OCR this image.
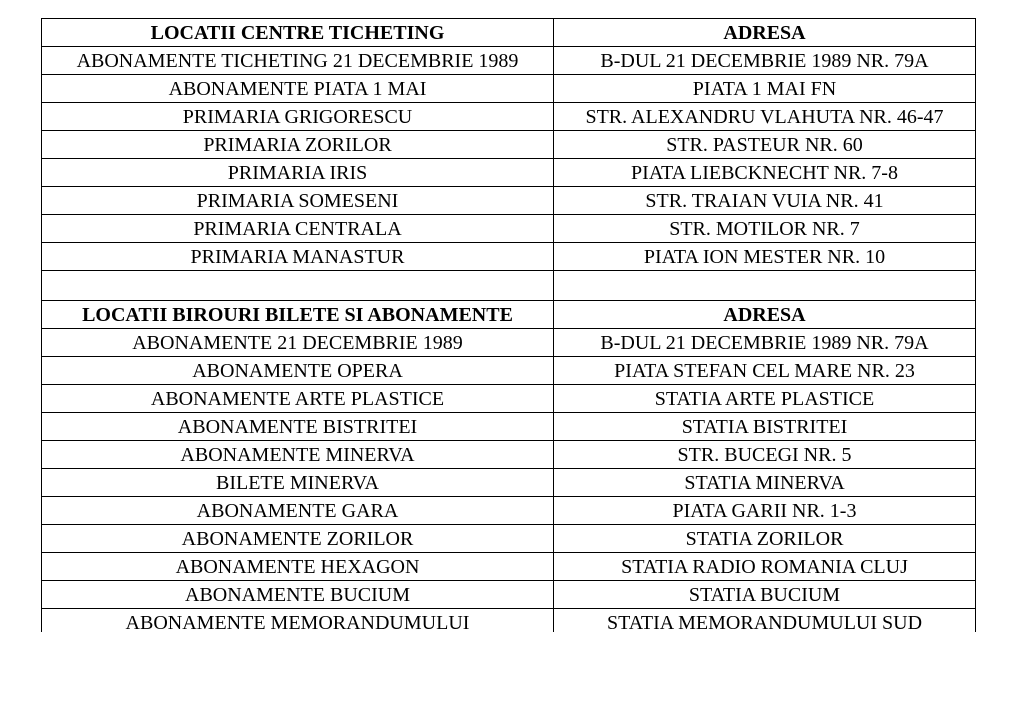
LOCATII CENTRE TICHETING	ADRESA
ABONAMENTE TICHETING 21 DECEMBRIE 1989	B-DUL 21 DECEMBRIE 1989 NR. 79A
ABONAMENTE PIATA 1 MAI	PIATA 1 MAI FN
PRIMARIA GRIGORESCU	STR. ALEXANDRU VLAHUTA NR. 46-47
PRIMARIA ZORILOR	STR. PASTEUR NR. 60
PRIMARIA IRIS	PIATA LIEBCKNECHT NR. 7-8
PRIMARIA SOMESENI	STR. TRAIAN VUIA NR. 41
PRIMARIA CENTRALA	STR. MOTILOR NR. 7
PRIMARIA MANASTUR	PIATA ION MESTER NR. 10

LOCATII BIROURI BILETE SI ABONAMENTE	ADRESA
ABONAMENTE 21 DECEMBRIE 1989	B-DUL 21 DECEMBRIE 1989 NR. 79A
ABONAMENTE OPERA	PIATA STEFAN CEL MARE NR. 23
ABONAMENTE ARTE PLASTICE	STATIA ARTE PLASTICE
ABONAMENTE BISTRITEI	STATIA BISTRITEI
ABONAMENTE MINERVA	STR. BUCEGI NR. 5
BILETE MINERVA	STATIA MINERVA
ABONAMENTE GARA	PIATA GARII NR. 1-3
ABONAMENTE ZORILOR	STATIA ZORILOR
ABONAMENTE HEXAGON	STATIA RADIO ROMANIA CLUJ
ABONAMENTE BUCIUM	STATIA BUCIUM
ABONAMENTE MEMORANDUMULUI	STATIA MEMORANDUMULUI SUD
